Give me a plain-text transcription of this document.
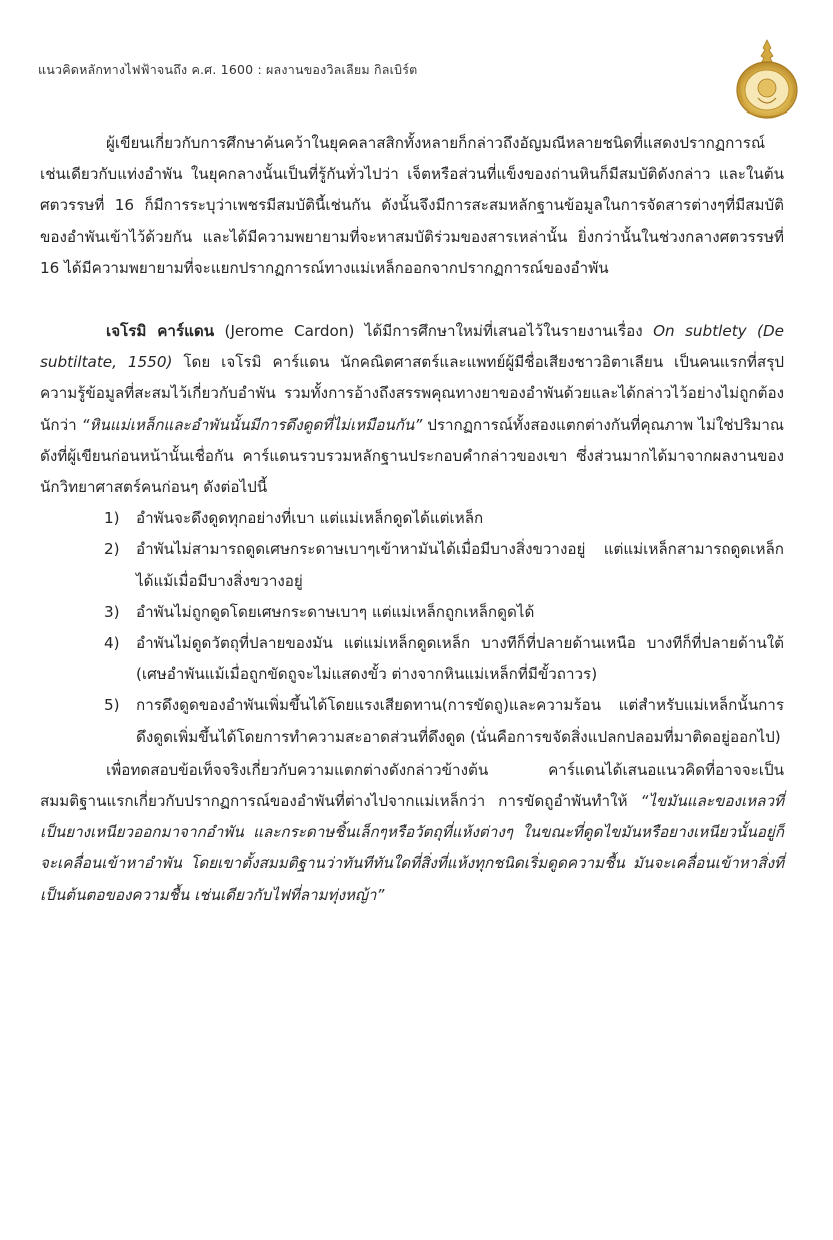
แนวคิดหลักทางไฟฟ้าจนถึง ค.ศ. 1600 : ผลงานของวิลเลียม กิลเบิร์ต

ผู้เขียนเกี่ยวกับการศึกษาค้นคว้าในยุคคลาสสิกทั้งหลายก็กล่าวถึงอัญมณีหลายชนิดที่แสดงปรากฏการณ์เช่นเดียวกับแท่งอำพัน ในยุคกลางนั้นเป็นที่รู้กันทั่วไปว่า เจ็ตหรือส่วนที่แข็งของถ่านหินก็มีสมบัติดังกล่าว และในต้นศตวรรษที่ 16 ก็มีการระบุว่าเพชรมีสมบัตินี้เช่นกัน ดังนั้นจึงมีการสะสมหลักฐานข้อมูลในการจัดสารต่างๆที่มีสมบัติของอำพันเข้าไว้ด้วยกัน และได้มีความพยายามที่จะหาสมบัติร่วมของสารเหล่านั้น ยิ่งกว่านั้นในช่วงกลางศตวรรษที่ 16 ได้มีความพยายามที่จะแยกปรากฏการณ์ทางแม่เหล็กออกจากปรากฏการณ์ของอำพัน

เจโรมิ คาร์แดน (Jerome Cardon) ได้มีการศึกษาใหม่ที่เสนอไว้ในรายงานเรื่อง On subtlety (De subtiltate, 1550) โดย เจโรมิ คาร์แดน นักคณิตศาสตร์และแพทย์ผู้มีชื่อเสียงชาวอิตาเลียน เป็นคนแรกที่สรุปความรู้ข้อมูลที่สะสมไว้เกี่ยวกับอำพัน รวมทั้งการอ้างถึงสรรพคุณทางยาของอำพันด้วยและได้กล่าวไว้อย่างไม่ถูกต้องนักว่า “หินแม่เหล็กและอำพันนั้นมีการดึงดูดที่ไม่เหมือนกัน” ปรากฏการณ์ทั้งสองแตกต่างกันที่คุณภาพ ไม่ใช่ปริมาณดังที่ผู้เขียนก่อนหน้านั้นเชื่อกัน คาร์แดนรวบรวมหลักฐานประกอบคำกล่าวของเขา ซึ่งส่วนมากได้มาจากผลงานของนักวิทยาศาสตร์คนก่อนๆ ดังต่อไปนี้

1) อำพันจะดึงดูดทุกอย่างที่เบา แต่แม่เหล็กดูดได้แต่เหล็ก
2) อำพันไม่สามารถดูดเศษกระดาษเบาๆเข้าหามันได้เมื่อมีบางสิ่งขวางอยู่ แต่แม่เหล็กสามารถดูดเหล็กได้แม้เมื่อมีบางสิ่งขวางอยู่
3) อำพันไม่ถูกดูดโดยเศษกระดาษเบาๆ แต่แม่เหล็กถูกเหล็กดูดได้
4) อำพันไม่ดูดวัตถุที่ปลายของมัน แต่แม่เหล็กดูดเหล็ก บางทีก็ที่ปลายด้านเหนือ บางทีก็ที่ปลายด้านใต้ (เศษอำพันแม้เมื่อถูกขัดถูจะไม่แสดงขั้ว ต่างจากหินแม่เหล็กที่มีขั้วถาวร)
5) การดึงดูดของอำพันเพิ่มขึ้นได้โดยแรงเสียดทาน(การขัดถู)และความร้อน แต่สำหรับแม่เหล็กนั้นการดึงดูดเพิ่มขึ้นได้โดยการทำความสะอาดส่วนที่ดึงดูด (นั่นคือการขจัดสิ่งแปลกปลอมที่มาติดอยู่ออกไป)

เพื่อทดสอบข้อเท็จจริงเกี่ยวกับความแตกต่างดังกล่าวข้างต้น คาร์แดนได้เสนอแนวคิดที่อาจจะเป็นสมมติฐานแรกเกี่ยวกับปรากฏการณ์ของอำพันที่ต่างไปจากแม่เหล็กว่า การขัดถูอำพันทำให้ “ไขมันและของเหลวที่เป็นยางเหนียวออกมาจากอำพัน และกระดาษชิ้นเล็กๆหรือวัตถุที่แห้งต่างๆ ในขณะที่ดูดไขมันหรือยางเหนียวนั้นอยู่ก็จะเคลื่อนเข้าหาอำพัน โดยเขาตั้งสมมติฐานว่าทันทีทันใดที่สิ่งที่แห้งทุกชนิดเริ่มดูดความชื้น มันจะเคลื่อนเข้าหาสิ่งที่เป็นต้นตอของความชื้น เช่นเดียวกับไฟที่ลามทุ่งหญ้า”
